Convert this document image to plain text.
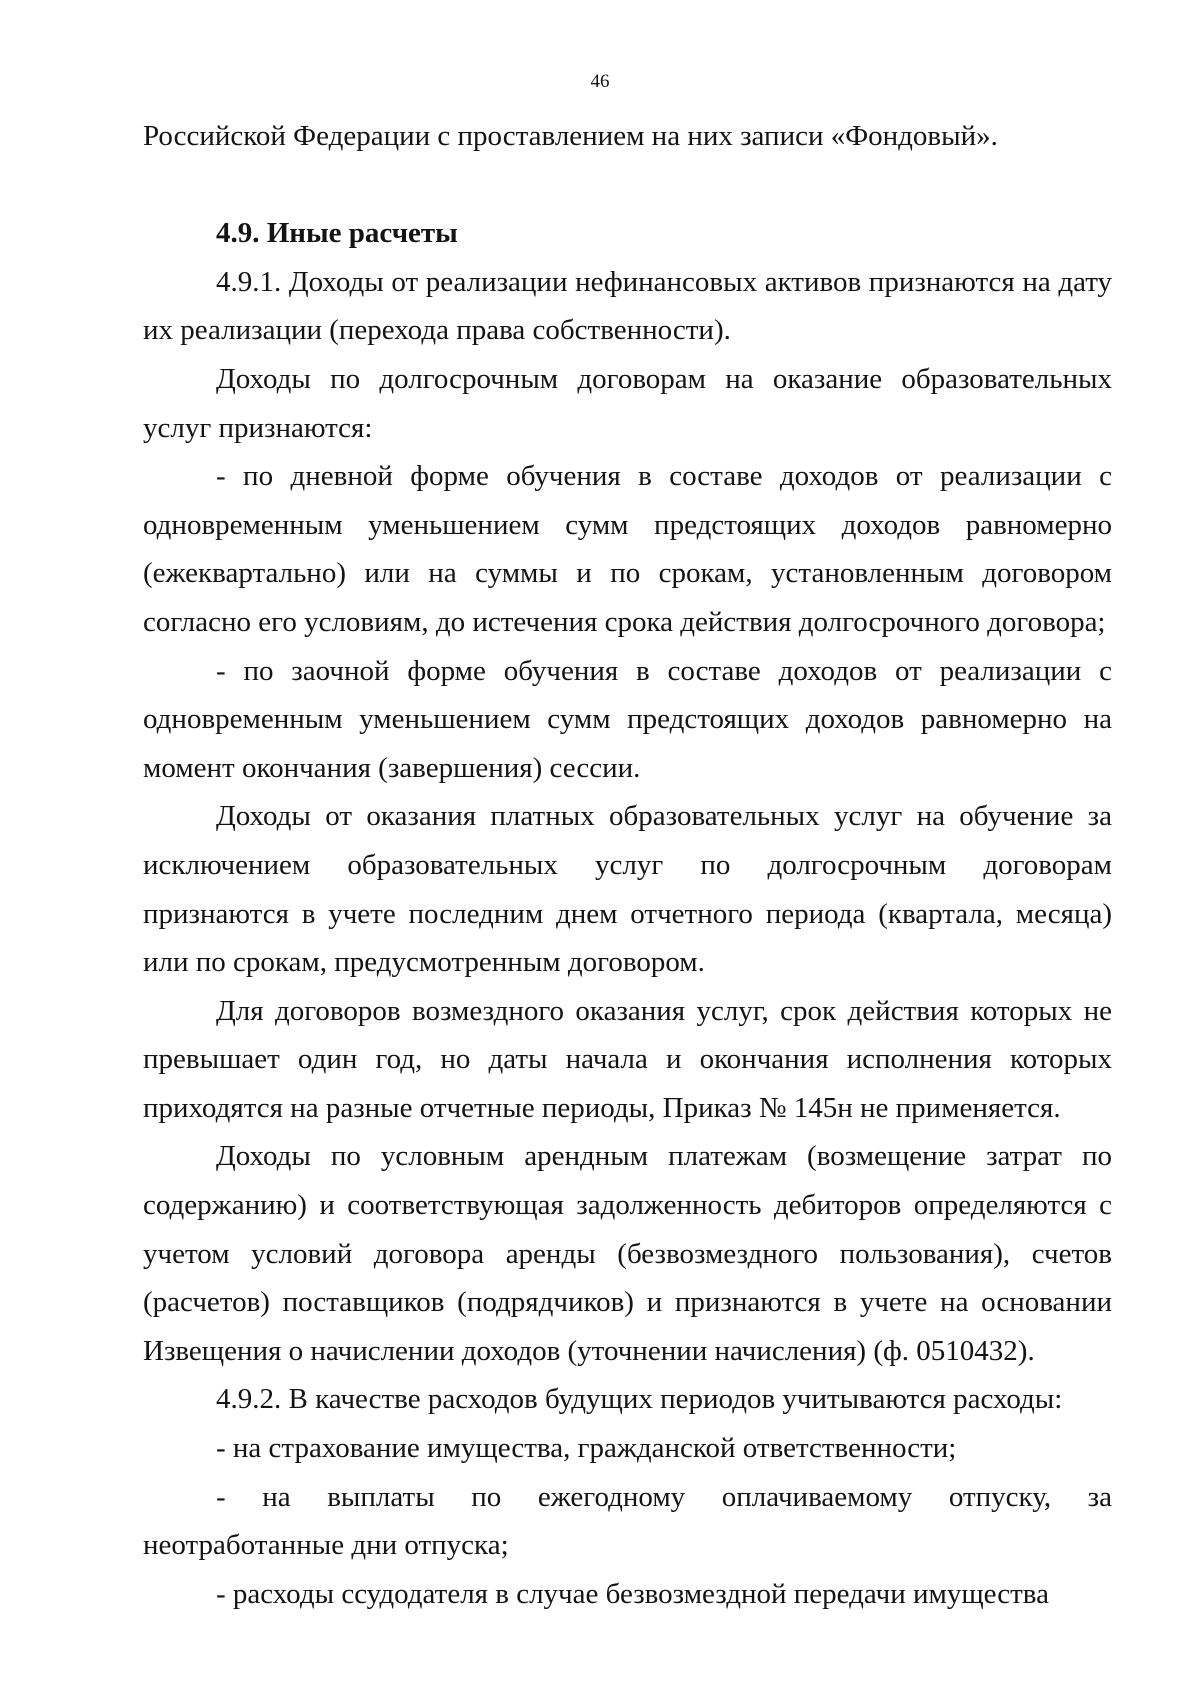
46

Российской Федерации с проставлением на них записи «Фондовый».

4.9. Иные расчеты

4.9.1. Доходы от реализации нефинансовых активов признаются на дату их реализации (перехода права собственности).

Доходы по долгосрочным договорам на оказание образовательных услуг признаются:

- по дневной форме обучения в составе доходов от реализации с одновременным уменьшением сумм предстоящих доходов равномерно (ежеквартально) или на суммы и по срокам, установленным договором согласно его условиям, до истечения срока действия долгосрочного договора;

- по заочной форме обучения в составе доходов от реализации с одновременным уменьшением сумм предстоящих доходов равномерно на момент окончания (завершения) сессии.

Доходы от оказания платных образовательных услуг на обучение за исключением образовательных услуг по долгосрочным договорам признаются в учете последним днем отчетного периода (квартала, месяца) или по срокам, предусмотренным договором.

Для договоров возмездного оказания услуг, срок действия которых не превышает один год, но даты начала и окончания исполнения которых приходятся на разные отчетные периоды, Приказ № 145н не применяется.

Доходы по условным арендным платежам (возмещение затрат по содержанию) и соответствующая задолженность дебиторов определяются с учетом условий договора аренды (безвозмездного пользования), счетов (расчетов) поставщиков (подрядчиков) и признаются в учете на основании Извещения о начислении доходов (уточнении начисления) (ф. 0510432).

4.9.2. В качестве расходов будущих периодов учитываются расходы:

- на страхование имущества, гражданской ответственности;

- на выплаты по ежегодному оплачиваемому отпуску, за неотработанные дни отпуска;

- расходы ссудодателя в случае безвозмездной передачи имущества
